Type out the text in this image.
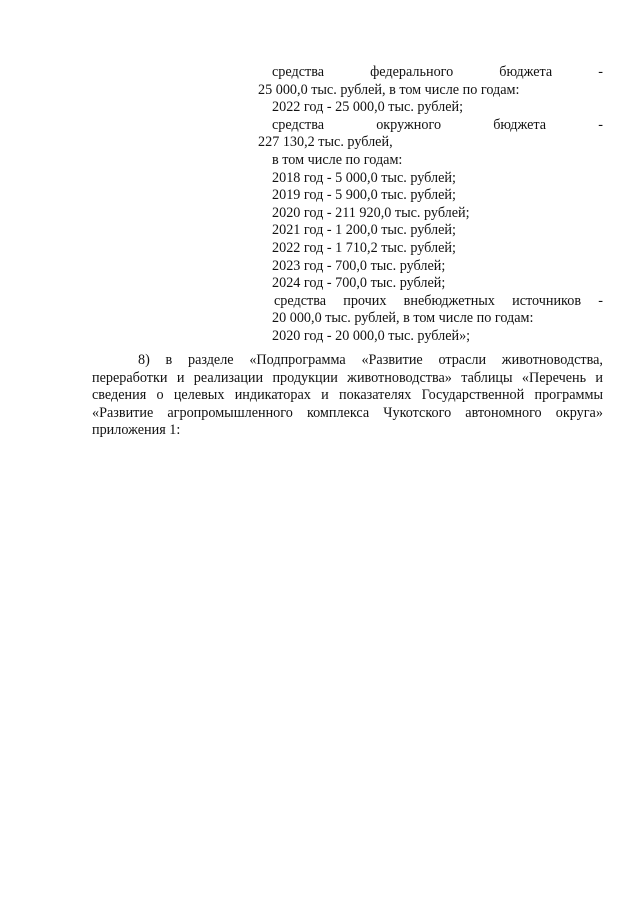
средства	федерального	бюджета	-
25 000,0 тыс. рублей, в том числе по годам:
2022 год - 25 000,0 тыс. рублей;
средства	окружного	бюджета	-
227 130,2 тыс. рублей,
в том числе по годам:
2018 год - 5 000,0 тыс. рублей;
2019 год - 5 900,0 тыс. рублей;
2020 год - 211 920,0 тыс. рублей;
2021 год - 1 200,0 тыс. рублей;
2022 год - 1 710,2 тыс. рублей;
2023 год - 700,0 тыс. рублей;
2024 год - 700,0 тыс. рублей;
средства прочих внебюджетных источников -
20 000,0 тыс. рублей, в том числе по годам:
2020 год - 20 000,0 тыс. рублей»;
8) в разделе «Подпрограмма «Развитие отрасли животноводства,
переработки и реализации продукции животноводства» таблицы «Перечень и
сведения о целевых индикаторах и показателях Государственной программы
«Развитие агропромышленного комплекса Чукотского автономного округа»
приложения 1:
